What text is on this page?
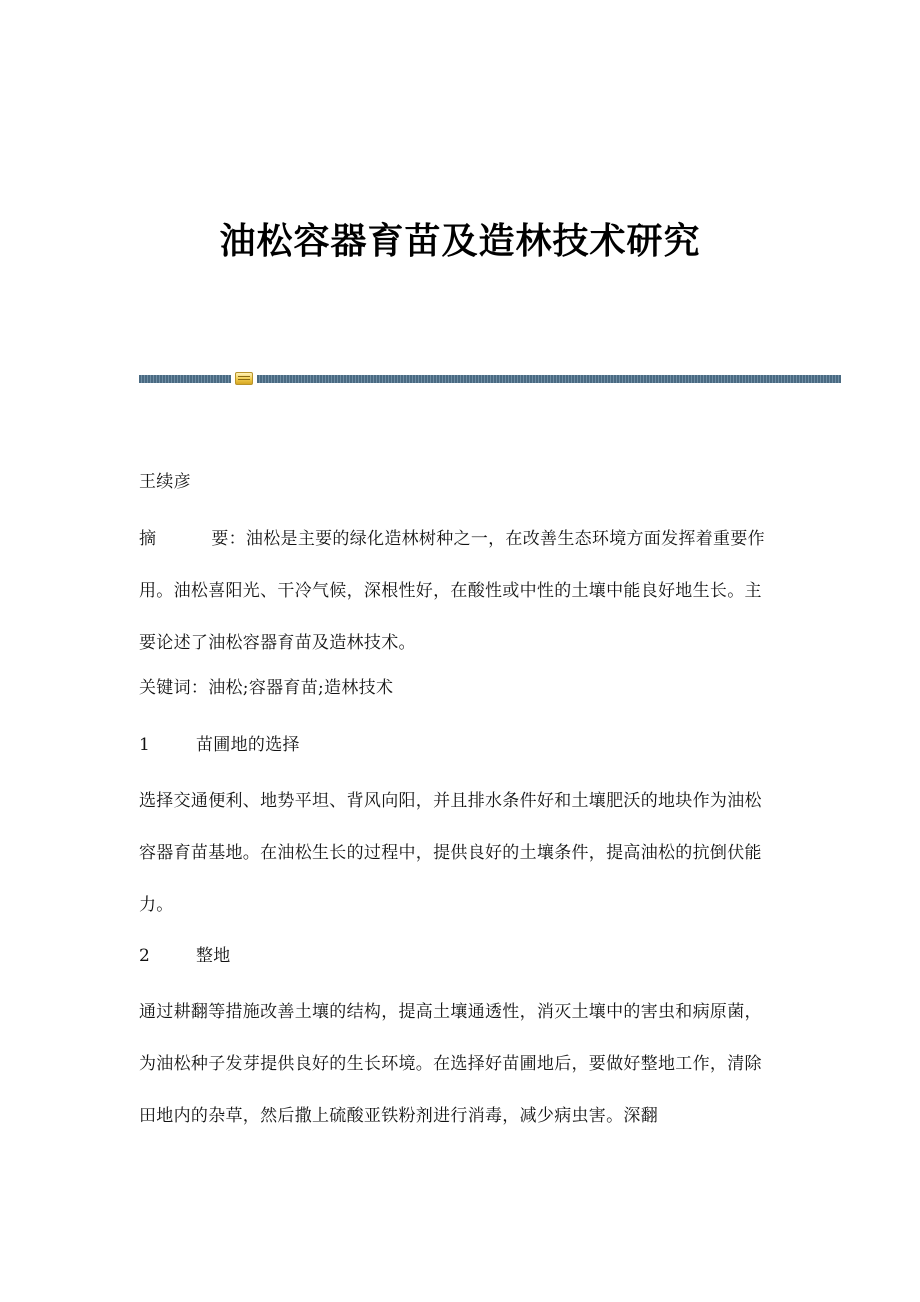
油松容器育苗及造林技术研究

王续彦

摘	要：油松是主要的绿化造林树种之一，在改善生态环境方面发挥着重要作用。油松喜阳光、干冷气候，深根性好，在酸性或中性的土壤中能良好地生长。主要论述了油松容器育苗及造林技术。

关键词：油松;容器育苗;造林技术

1	苗圃地的选择

选择交通便利、地势平坦、背风向阳，并且排水条件好和土壤肥沃的地块作为油松容器育苗基地。在油松生长的过程中，提供良好的土壤条件，提高油松的抗倒伏能力。

2	整地

通过耕翻等措施改善土壤的结构，提高土壤通透性，消灭土壤中的害虫和病原菌，为油松种子发芽提供良好的生长环境。在选择好苗圃地后，要做好整地工作，清除田地内的杂草，然后撒上硫酸亚铁粉剂进行消毒，减少病虫害。深翻
